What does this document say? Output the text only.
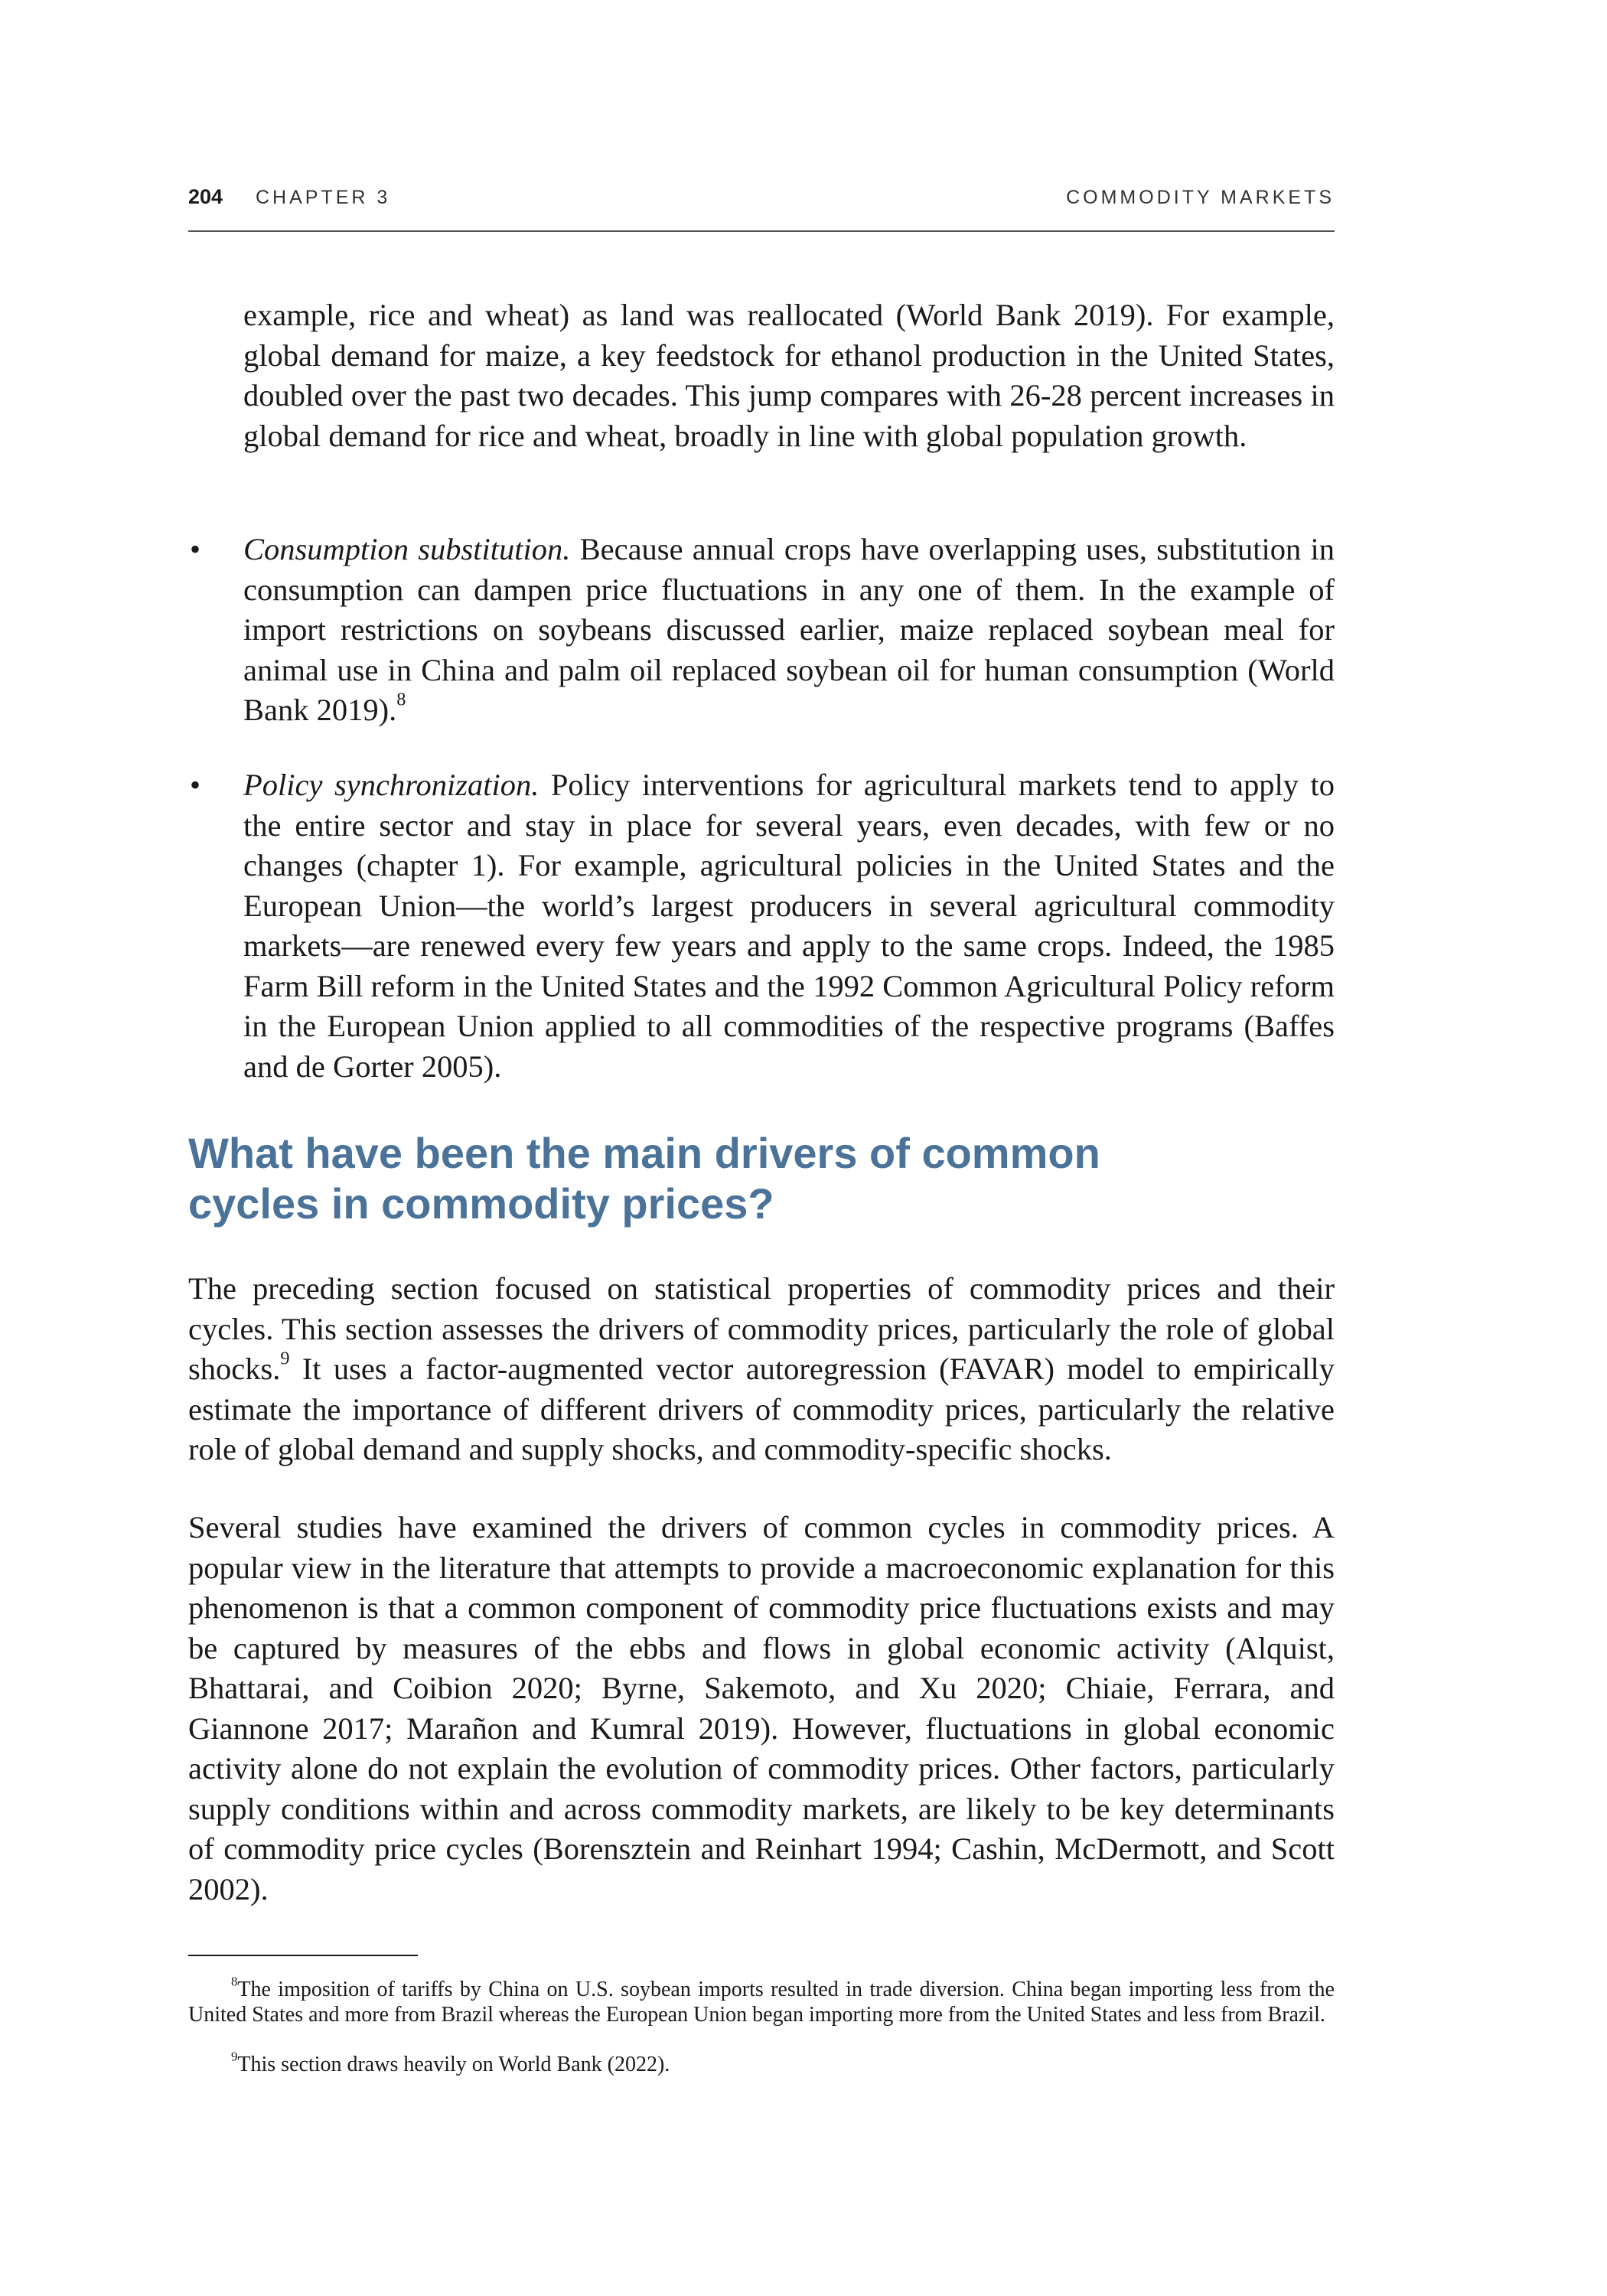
204 CHAPTER 3	COMMODITY MARKETS

example, rice and wheat) as land was reallocated (World Bank 2019). For example, global demand for maize, a key feedstock for ethanol production in the United States, doubled over the past two decades. This jump compares with 26-28 percent increases in global demand for rice and wheat, broadly in line with global population growth.

• Consumption substitution. Because annual crops have overlapping uses, substitution in consumption can dampen price fluctuations in any one of them. In the example of import restrictions on soybeans discussed earlier, maize replaced soybean meal for animal use in China and palm oil replaced soybean oil for human consumption (World Bank 2019).$^8$

• Policy synchronization. Policy interventions for agricultural markets tend to apply to the entire sector and stay in place for several years, even decades, with few or no changes (chapter 1). For example, agricultural policies in the United States and the European Union—the world’s largest producers in several agricultural commodity markets—are renewed every few years and apply to the same crops. Indeed, the 1985 Farm Bill reform in the United States and the 1992 Common Agricultural Policy reform in the European Union applied to all commodities of the respective programs (Baffes and de Gorter 2005).

What have been the main drivers of common
cycles in commodity prices?

The preceding section focused on statistical properties of commodity prices and their cycles. This section assesses the drivers of commodity prices, particularly the role of global shocks.$^9$ It uses a factor-augmented vector autoregression (FAVAR) model to empirically estimate the importance of different drivers of commodity prices, particularly the relative role of global demand and supply shocks, and commodity-specific shocks.

Several studies have examined the drivers of common cycles in commodity prices. A popular view in the literature that attempts to provide a macroeconomic explanation for this phenomenon is that a common component of commodity price fluctuations exists and may be captured by measures of the ebbs and flows in global economic activity (Alquist, Bhattarai, and Coibion 2020; Byrne, Sakemoto, and Xu 2020; Chiaie, Ferrara, and Giannone 2017; Marañon and Kumral 2019). However, fluctuations in global economic activity alone do not explain the evolution of commodity prices. Other factors, particularly supply conditions within and across commodity markets, are likely to be key determinants of commodity price cycles (Borensztein and Reinhart 1994; Cashin, McDermott, and Scott 2002).

$^8$The imposition of tariffs by China on U.S. soybean imports resulted in trade diversion. China began importing less from the United States and more from Brazil whereas the European Union began importing more from the United States and less from Brazil.

$^9$This section draws heavily on World Bank (2022).
